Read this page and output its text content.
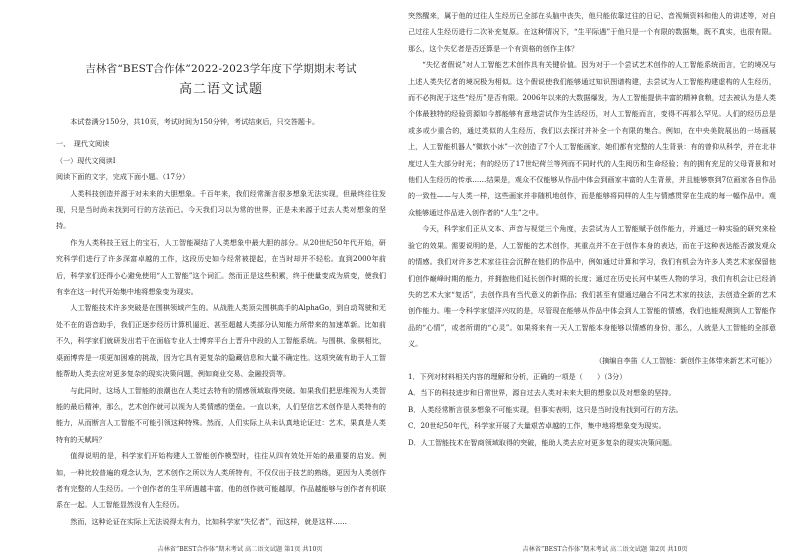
吉林省“BEST合作体”2022-2023学年度下学期期末考试
高二语文试题

本试卷满分150分，共10页，考试时间为150分钟，考试结束后，只交答题卡。

一、　现代文阅读

（一）现代文阅读Ⅰ

阅读下面的文字，完成下面小题。（17分）

人类科技创造并源于对未来的大胆想象。千百年来，我们经常渐言很多想象无法实现，但最终往往发现，只是当时尚未找到可行的方法而已。今天我们习以为常的世界，正是未来源于过去人类对想象的坚持。

作为人类科技王冠上的宝石，人工智能凝结了人类想象中最大胆的部分。从20世纪50年代开始，研究科学们进行了许多深富卓越的工作，这段历史如今经常被提起，在当时却并不轻松。直到2000年前后，科学家们还得小心避免使用“人工智能”这个词汇。然而正是这些积累，终于使量变成为质变，使我们有幸在这一时代开始集中地将想象变为现实。

人工智能技术许多突破是在围棋领域产生的。从战胜人类顶尖围棋高手的AlphaGo，到自动驾驶和无处不在的语音助手，我们正逐步经历计算机逼近、甚至超越人类部分认知能力所带来的加速革新。比如前不久，科学家们就研发出若干在面临专业人士博弈平台上晋升中段的人工智能系统。与围棋、象棋相比，桌面博弈是一项更加困难的挑战，因为它具有更复杂的隐藏信息和大量不确定性。这项突破有助于人工智能帮助人类去应对更多复杂的现实决策问题，例如商业交易、金融投资等。

与此同时，这场人工智能的浪潮也在人类过去特有的情感领域取得突破。如果我们把思维视为人类智能的最后精神，那么，艺术创作就可以视为人类情感的堡垒。一直以来，人们坚信艺术创作是人类特有的能力，从而断言人工智能不可能引领这种特殊。然而，人们实际上从未认真地论证过：艺术，果真是人类特有的天赋吗？

值得说明的是，科学家们开始构建人工智能创作模型时，往往从四有效处开始的最重要的启发。例如，一种比较普遍的观念认为，艺术创作之所以为人类所特有，不仅仅出于技艺的熟练，更因为人类创作者有完整的人生经历。一个创作者的生平所遇越丰富，他的创作就可能越厚，作品越能够与创作者有机联系在一起。人工智能显然没有人生经历。

然而，这种论证在实际上无法说得太有力，比如科学家“失忆者”，而这样，就是这样……

吉林省“BEST合作体”期末考试 高二语文试题 第1页 共10页

突然醒来，属于他的过往人生经历已全部在头脑中丧失，他只能依靠过往的日记、音视频资料和他人的讲述等，对自己过往人生经历进行二次补充复原。在这种情况下，“生平际遇”于他只是一个有限的数据集，既不真实，也很有限。那么，这个失忆者是否还算是一个有资格的创作主体？

“失忆者假说”对人工智能艺术创作具有关键价值。因为对于一个尝试艺术创作的人工智能系统而言，它的境况与上述人类失忆者的境况极为相似。这个假说使我们能够通过知识图谱构建，去尝试为人工智能构建虚构的人生经历，而不必拘泥于这些“经历”是否有限。2006年以来的大数据爆发，为人工智能提供丰富的精神食粮，过去被认为是人类个体最独特的经验资源如今都能够有意地尝试作为生活经历，对人工智能而言，变得不再那么罕见。人们的经历总是或多或少重合的，通过类似的人生经历，我们以去探讨并补全一个有限的集合。例如，在中央美院展出的一场画展上，人工智能机器人“微软小冰”一次创造了7个人工智能画家，她们都有完整的人生背景：有的曾仰从科学，并在北非度过人生大部分时光；有的经历了17世纪荷兰等列而不同时代的人生阅历和生命经验；有的拥有充足的父母背景和对他们人生经历的传承……结果是，观众不仅能够从作品中体会到画家丰富的人生背景，并且能够察到7位画家各自作品的一致性——与人类一样，这些画家并非随机地创作，而是能够将同样的人生与情感贯穿在生成的每一幅作品中。观众能够通过作品进入创作者的“人生”之中。

今天，科学家们正从文本、声音与视觉三个角度，去尝试为人工智能赋予创作能力，并通过一种实验的研究来检验它的效果。需要说明的是，人工智能的艺术创作，其重点并不在于创作本身的表达，而在于这种表达能否激发观众的情感。我们对许多艺术家往往会沉醉在他们的作品中，例如通过计算和学习，我们有机会为许多人类艺术家保留他们创作巅峰时期的能力，并拥抱他们延长创作时期的长度；通过在历史长河中某些人物的学习，我们有机会让已经消失的艺术大家“复活”，去创作具有当代意义的新作品；我们甚至有望通过融合不同艺术家的技法，去创造全新的艺术创作能力。唯一令科学家望洋兴叹的是，尽管现在能够从作品中体会到人工智能的情感，我们也能观测到人工智能作品的“心情”，或者所谓的“心灵”。如果将来有一天人工智能本身能够以情感的身份，那么，人就是人工智能的全部意义。

（摘编自李笛《人工智能：新创作主体带来新艺术可能》）

1．下列对材料相关内容的理解和分析，正确的一项是（　　）（3分）

A．当下的科技进步和日常世界，源自过去人类对未来大胆的想象以及对想象的坚持。

B．人类经常断言很多想象不可能实现，但事实表明，这只是当时没有找到可行的方法。

C．20世纪50年代，科学家开展了大量艰苦卓越的工作，集中地将想象变为现实。

D．人工智能技术在智商领域取得的突破，能助人类去应对更多复杂的现实决策问题。

吉林省“BEST合作体”期末考试 高二语文试题 第2页 共10页
